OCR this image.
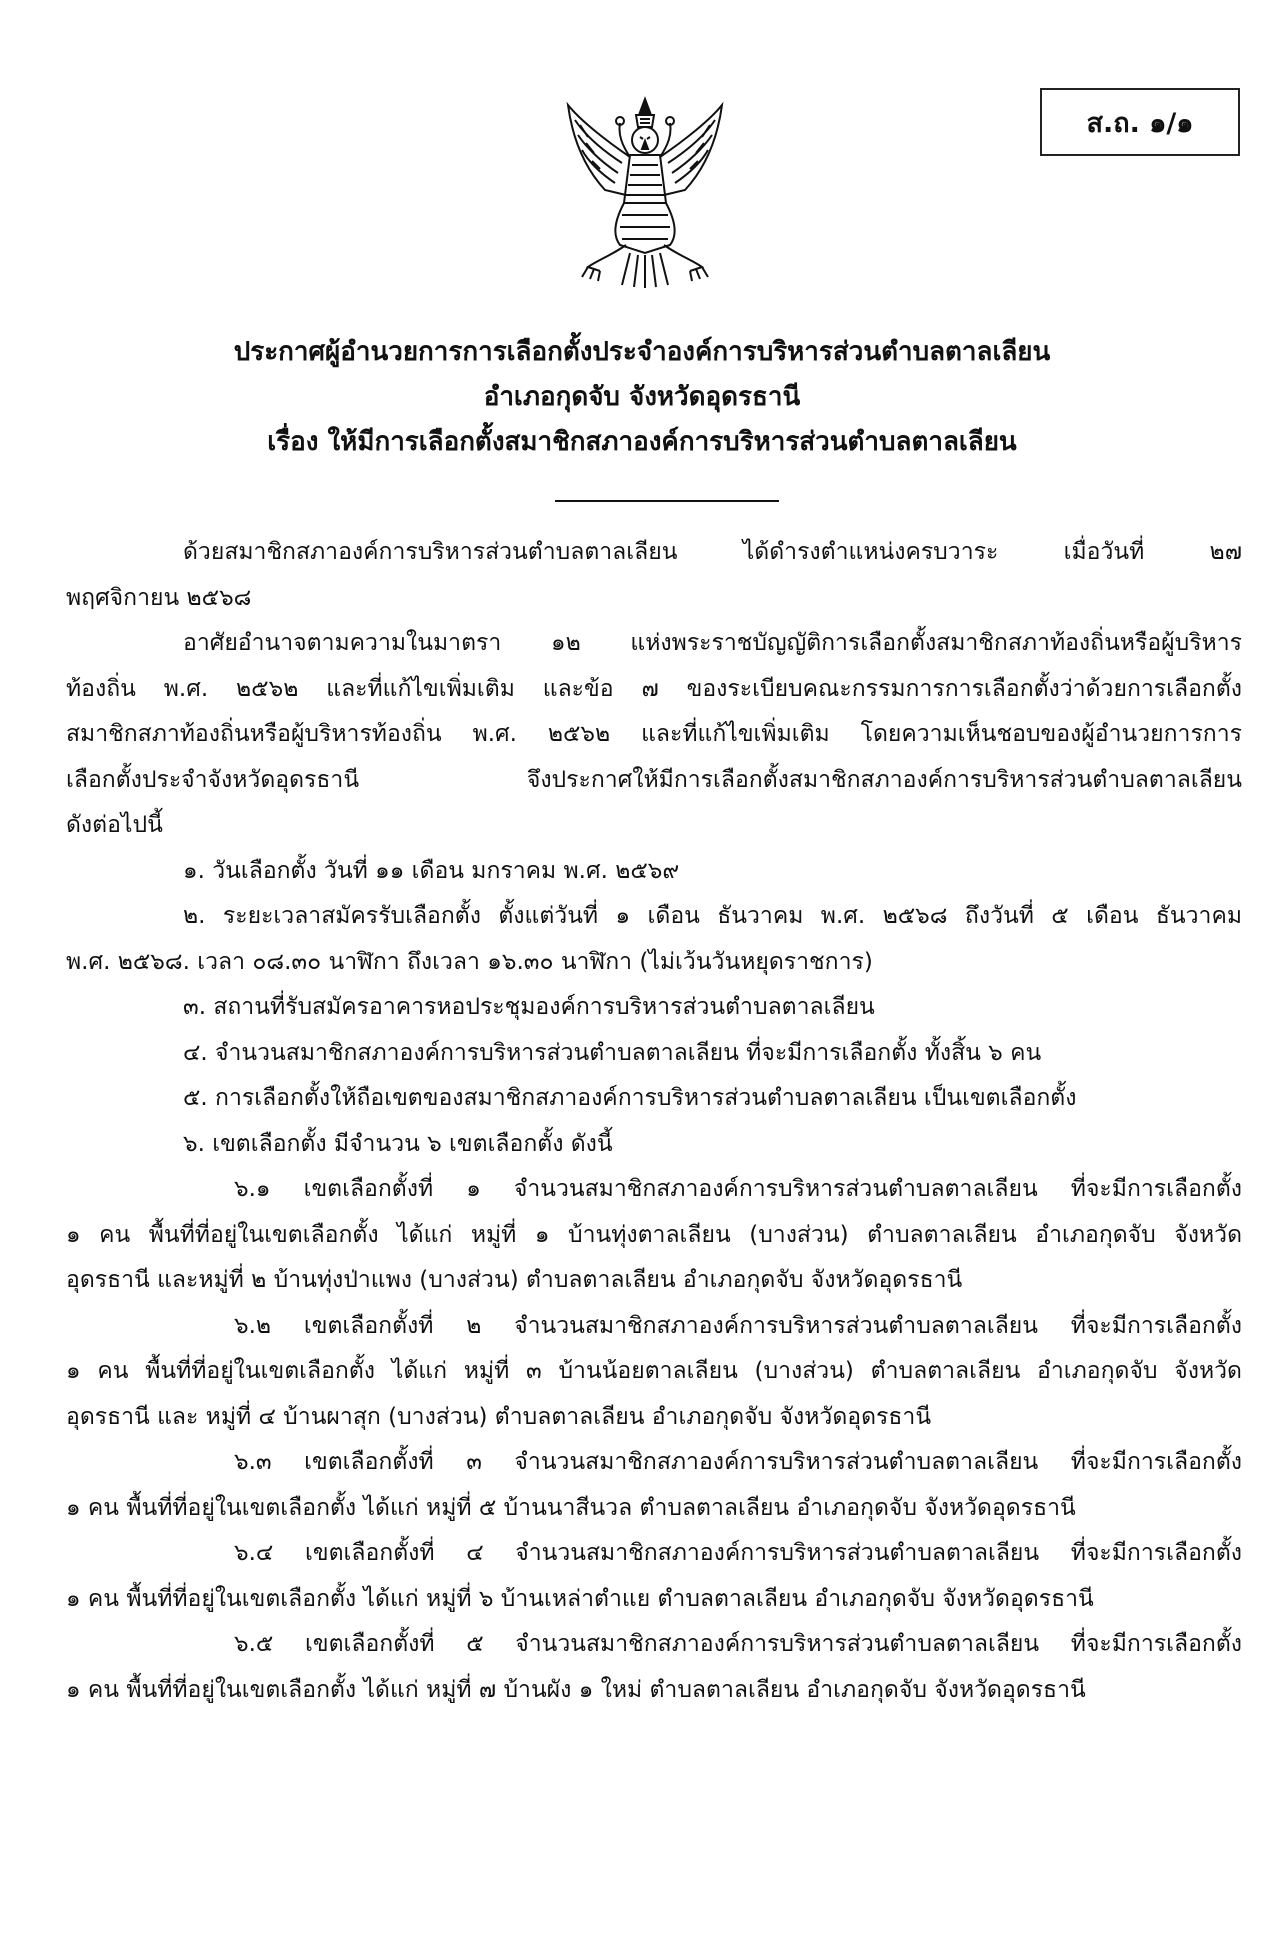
ส.ถ. ๑/๑
ประกาศผู้อำนวยการการเลือกตั้งประจำองค์การบริหารส่วนตำบลตาลเลียน
อำเภอกุดจับ จังหวัดอุดรธานี
เรื่อง ให้มีการเลือกตั้งสมาชิกสภาองค์การบริหารส่วนตำบลตาลเลียน
ด้วยสมาชิกสภาองค์การบริหารส่วนตำบลตาลเลียน ได้ดำรงตำแหน่งครบวาระ เมื่อวันที่ ๒๗
พฤศจิกายน ๒๕๖๘
อาศัยอำนาจตามความในมาตรา ๑๒ แห่งพระราชบัญญัติการเลือกตั้งสมาชิกสภาท้องถิ่นหรือผู้บริหาร
ท้องถิ่น พ.ศ. ๒๕๖๒ และที่แก้ไขเพิ่มเติม และข้อ ๗ ของระเบียบคณะกรรมการการเลือกตั้งว่าด้วยการเลือกตั้ง
สมาชิกสภาท้องถิ่นหรือผู้บริหารท้องถิ่น พ.ศ. ๒๕๖๒ และที่แก้ไขเพิ่มเติม โดยความเห็นชอบของผู้อำนวยการการ
เลือกตั้งประจำจังหวัดอุดรธานี จึงประกาศให้มีการเลือกตั้งสมาชิกสภาองค์การบริหารส่วนตำบลตาลเลียน
ดังต่อไปนี้
๑. วันเลือกตั้ง วันที่ ๑๑ เดือน มกราคม พ.ศ. ๒๕๖๙
๒. ระยะเวลาสมัครรับเลือกตั้ง ตั้งแต่วันที่ ๑ เดือน ธันวาคม พ.ศ. ๒๕๖๘ ถึงวันที่ ๕ เดือน ธันวาคม
พ.ศ. ๒๕๖๘. เวลา ๐๘.๓๐ นาฬิกา ถึงเวลา ๑๖.๓๐ นาฬิกา (ไม่เว้นวันหยุดราชการ)
๓. สถานที่รับสมัครอาคารหอประชุมองค์การบริหารส่วนตำบลตาลเลียน
๔. จำนวนสมาชิกสภาองค์การบริหารส่วนตำบลตาลเลียน ที่จะมีการเลือกตั้ง ทั้งสิ้น ๖ คน
๕. การเลือกตั้งให้ถือเขตของสมาชิกสภาองค์การบริหารส่วนตำบลตาลเลียน เป็นเขตเลือกตั้ง
๖. เขตเลือกตั้ง มีจำนวน ๖ เขตเลือกตั้ง ดังนี้
๖.๑ เขตเลือกตั้งที่ ๑ จำนวนสมาชิกสภาองค์การบริหารส่วนตำบลตาลเลียน ที่จะมีการเลือกตั้ง
๑ คน พื้นที่ที่อยู่ในเขตเลือกตั้ง ได้แก่ หมู่ที่ ๑ บ้านทุ่งตาลเลียน (บางส่วน) ตำบลตาลเลียน อำเภอกุดจับ จังหวัด
อุดรธานี และหมู่ที่ ๒ บ้านทุ่งป่าแพง (บางส่วน) ตำบลตาลเลียน อำเภอกุดจับ จังหวัดอุดรธานี
๖.๒ เขตเลือกตั้งที่ ๒ จำนวนสมาชิกสภาองค์การบริหารส่วนตำบลตาลเลียน ที่จะมีการเลือกตั้ง
๑ คน พื้นที่ที่อยู่ในเขตเลือกตั้ง ได้แก่ หมู่ที่ ๓ บ้านน้อยตาลเลียน (บางส่วน) ตำบลตาลเลียน อำเภอกุดจับ จังหวัด
อุดรธานี และ หมู่ที่ ๔ บ้านผาสุก (บางส่วน) ตำบลตาลเลียน อำเภอกุดจับ จังหวัดอุดรธานี
๖.๓ เขตเลือกตั้งที่ ๓ จำนวนสมาชิกสภาองค์การบริหารส่วนตำบลตาลเลียน ที่จะมีการเลือกตั้ง
๑ คน พื้นที่ที่อยู่ในเขตเลือกตั้ง ได้แก่ หมู่ที่ ๕ บ้านนาสีนวล ตำบลตาลเลียน อำเภอกุดจับ จังหวัดอุดรธานี
๖.๔ เขตเลือกตั้งที่ ๔ จำนวนสมาชิกสภาองค์การบริหารส่วนตำบลตาลเลียน ที่จะมีการเลือกตั้ง
๑ คน พื้นที่ที่อยู่ในเขตเลือกตั้ง ได้แก่ หมู่ที่ ๖ บ้านเหล่าตำแย ตำบลตาลเลียน อำเภอกุดจับ จังหวัดอุดรธานี
๖.๕ เขตเลือกตั้งที่ ๕ จำนวนสมาชิกสภาองค์การบริหารส่วนตำบลตาลเลียน ที่จะมีการเลือกตั้ง
๑ คน พื้นที่ที่อยู่ในเขตเลือกตั้ง ได้แก่ หมู่ที่ ๗ บ้านผัง ๑ ใหม่ ตำบลตาลเลียน อำเภอกุดจับ จังหวัดอุดรธานี
